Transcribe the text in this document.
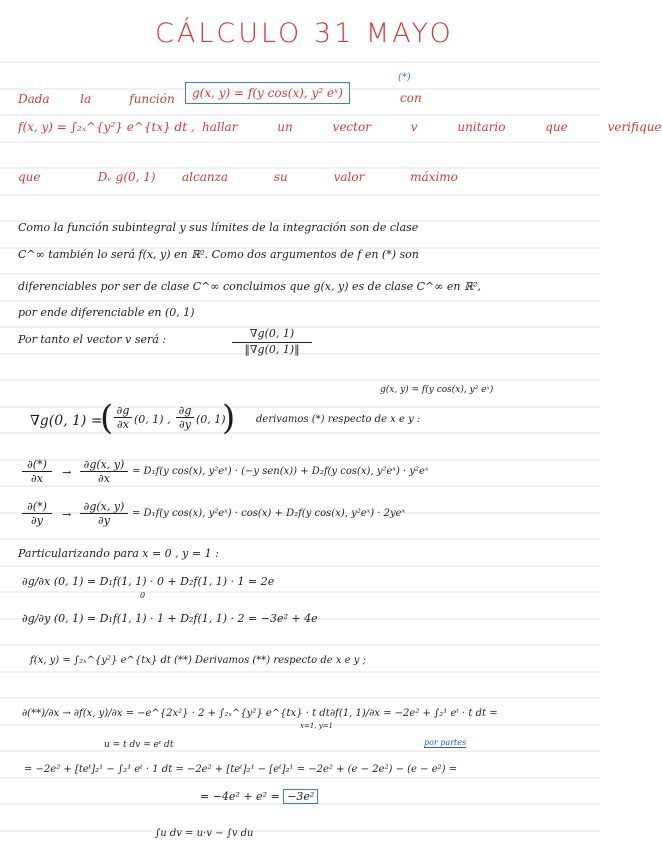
CÁLCULO 31 MAYO
Dada	la	función	g(x, y) = f(y cos(x), y² eˣ)	con
(*)
f(x, y) = ∫₂ₓ^{y²} e^{tx} dt , hallar un vector v unitario que verifique
que	Dᵥ g(0, 1) alcanza su valor máximo
Como la función subintegral y sus límites de la integración son de clase
C^∞ también lo será f(x, y) en ℝ². Como dos argumentos de f en (*) son
diferenciables por ser de clase C^∞ concluimos que g(x, y) es de clase C^∞ en ℝ²,
por ende diferenciable en (0, 1)
Por tanto el vector v será :	$\frac{\nabla g(0, 1)}{‖\nabla g(0, 1)‖}$
g(x, y) = f(y cos(x), y² eˣ)
∇g(0, 1) =
( ∂g
∂x (0, 1) ,
∂g
∂y (0, 1)
) derivamos (*) respecto de x e y :
∂(*)
∂x	→
∂g(x, y)
∂x
= D₁f(y cos(x), y²eˣ) · (−y sen(x)) + D₂f(y cos(x), y²eˣ) · y²eˣ
∂(*)
∂y	→
∂g(x, y)
∂y
= D₁f(y cos(x), y²eˣ) · cos(x) + D₂f(y cos(x), y²eˣ) · 2yeˣ
Particularizando para x = 0 , y = 1 :
∂g/∂x (0, 1) = D₁f(1, 1) · 0 + D₂f(1, 1) · 1 = 2e
0
∂g/∂y (0, 1) = D₁f(1, 1) · 1 + D₂f(1, 1) · 2 = −3e² + 4e
f(x, y) = ∫₂ₓ^{y²} e^{tx} dt (**) Derivamos (**) respecto de x e y ;
∂(**)/∂x → ∂f(x, y)/∂x = −e^{2x²} · 2 + ∫₂ₓ^{y²} e^{tx} · t dt
x=1, y=1
∂f(1, 1)/∂x = −2e² + ∫₂¹ eᵗ · t dt =
por partes
u = t dv = eᵗ dt
= −2e² + [teᵗ]₂¹ − ∫₂¹ eᵗ · 1 dt = −2e² + [teᵗ]₂¹ − [eᵗ]₂¹ = −2e² + (e − 2e²) − (e − e²) =
= −4e² + e² = −3e²
∫u dv = u·v − ∫v du
